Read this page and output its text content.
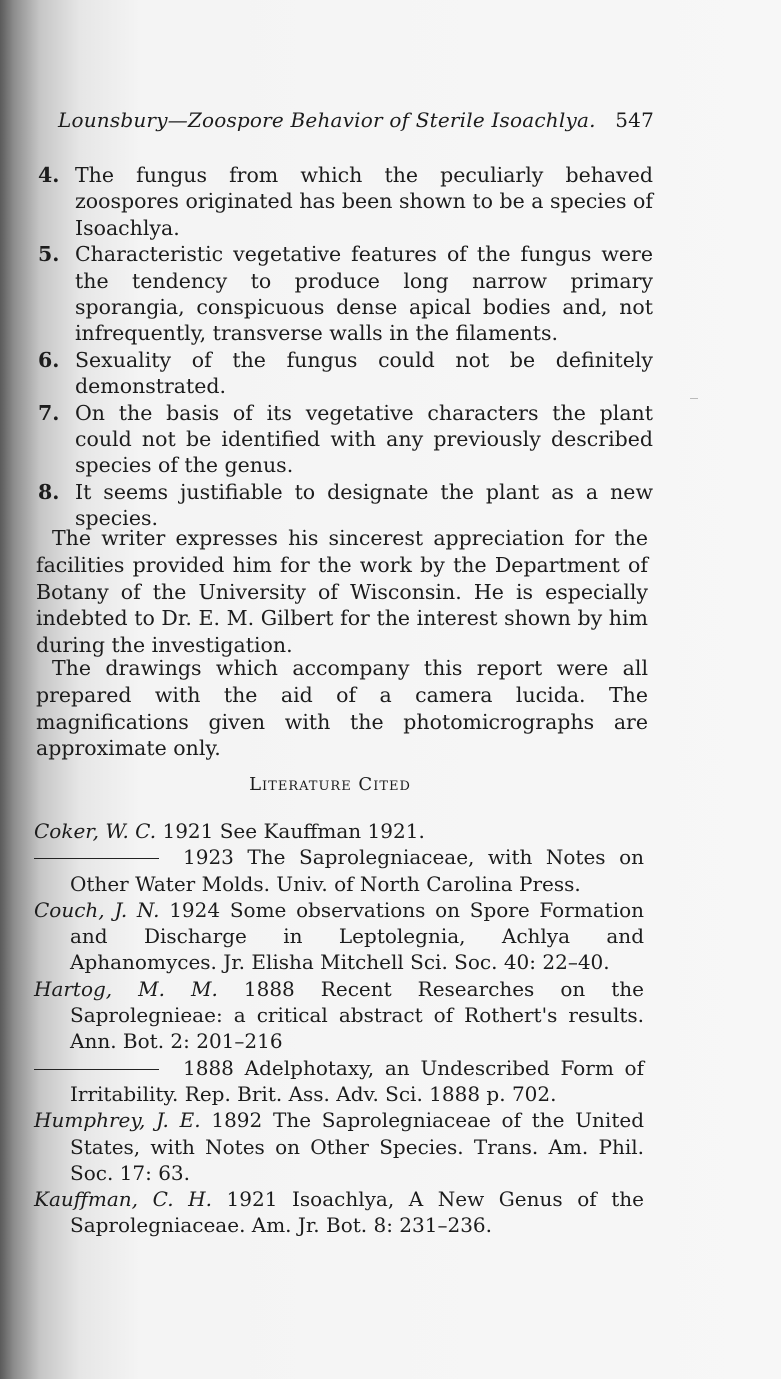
Lounsbury—Zoospore Behavior of Sterile Isoachlya. 547
4. The fungus from which the peculiarly behaved zoospores originated has been shown to be a species of Isoachlya.
5. Characteristic vegetative features of the fungus were the tendency to produce long narrow primary sporangia, conspicuous dense apical bodies and, not infrequently, transverse walls in the filaments.
6. Sexuality of the fungus could not be definitely demonstrated.
7. On the basis of its vegetative characters the plant could not be identified with any previously described species of the genus.
8. It seems justifiable to designate the plant as a new species.
The writer expresses his sincerest appreciation for the facilities provided him for the work by the Department of Botany of the University of Wisconsin. He is especially indebted to Dr. E. M. Gilbert for the interest shown by him during the investigation.
The drawings which accompany this report were all prepared with the aid of a camera lucida. The magnifications given with the photomicrographs are approximate only.
Literature Cited
Coker, W. C. 1921 See Kauffman 1921.
1923 The Saprolegniaceae, with Notes on Other Water Molds. Univ. of North Carolina Press.
Couch, J. N. 1924 Some observations on Spore Formation and Discharge in Leptolegnia, Achlya and Aphanomyces. Jr. Elisha Mitchell Sci. Soc. 40: 22–40.
Hartog, M. M. 1888 Recent Researches on the Saprolegnieae: a critical abstract of Rothert's results. Ann. Bot. 2: 201–216
1888 Adelphotaxy, an Undescribed Form of Irritability. Rep. Brit. Ass. Adv. Sci. 1888 p. 702.
Humphrey, J. E. 1892 The Saprolegniaceae of the United States, with Notes on Other Species. Trans. Am. Phil. Soc. 17: 63.
Kauffman, C. H. 1921 Isoachlya, A New Genus of the Saprolegniaceae. Am. Jr. Bot. 8: 231–236.
